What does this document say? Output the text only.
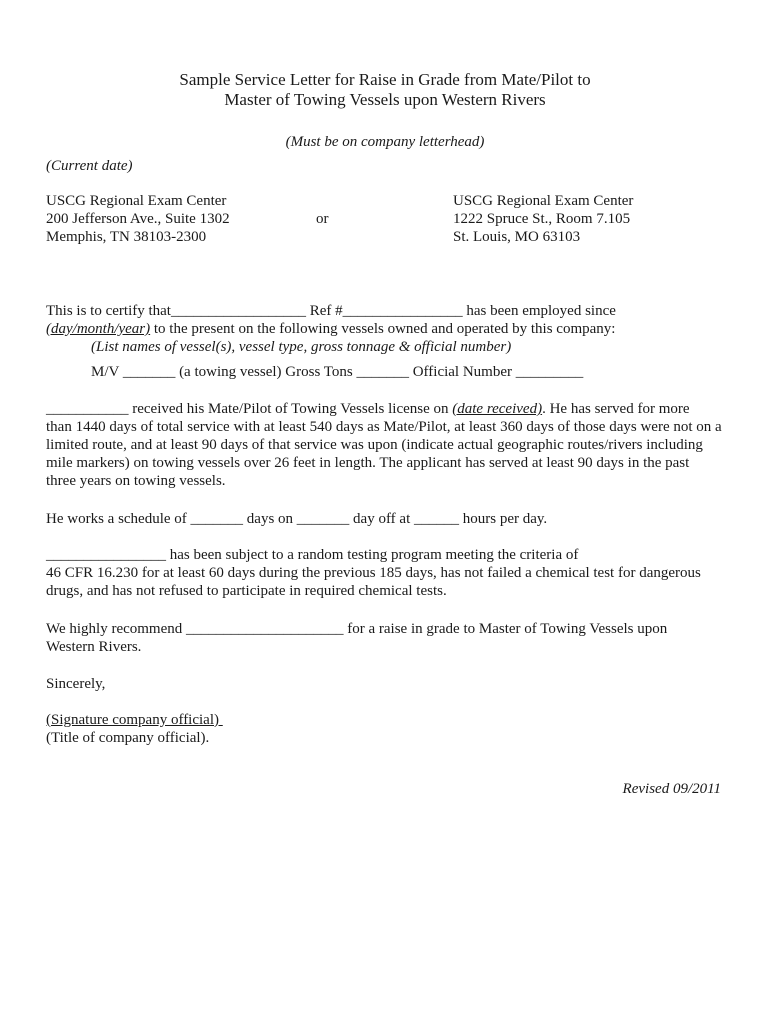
Sample Service Letter for Raise in Grade from Mate/Pilot to
Master of Towing Vessels upon Western Rivers
(Must be on company letterhead)
(Current date)
USCG Regional Exam Center
200 Jefferson Ave., Suite 1302
Memphis, TN 38103-2300
or
USCG Regional Exam Center
1222 Spruce St., Room 7.105
St. Louis, MO 63103
This is to certify that__________________ Ref #________________ has been employed since
(day/month/year) to the present on the following vessels owned and operated by this company:
(List names of vessel(s), vessel type, gross tonnage & official number)
M/V _______ (a towing vessel) Gross Tons _______ Official Number _________
___________ received his Mate/Pilot of Towing Vessels license on (date received). He has served for more
than 1440 days of total service with at least 540 days as Mate/Pilot, at least 360 days of those days were not on a
limited route, and at least 90 days of that service was upon (indicate actual geographic routes/rivers including
mile markers) on towing vessels over 26 feet in length. The applicant has served at least 90 days in the past
three years on towing vessels.
He works a schedule of _______ days on _______ day off at ______ hours per day.
________________ has been subject to a random testing program meeting the criteria of
46 CFR 16.230 for at least 60 days during the previous 185 days, has not failed a chemical test for dangerous
drugs, and has not refused to participate in required chemical tests.
We highly recommend _____________________ for a raise in grade to Master of Towing Vessels upon
Western Rivers.
Sincerely,
(Signature company official)
(Title of company official).
Revised 09/2011
